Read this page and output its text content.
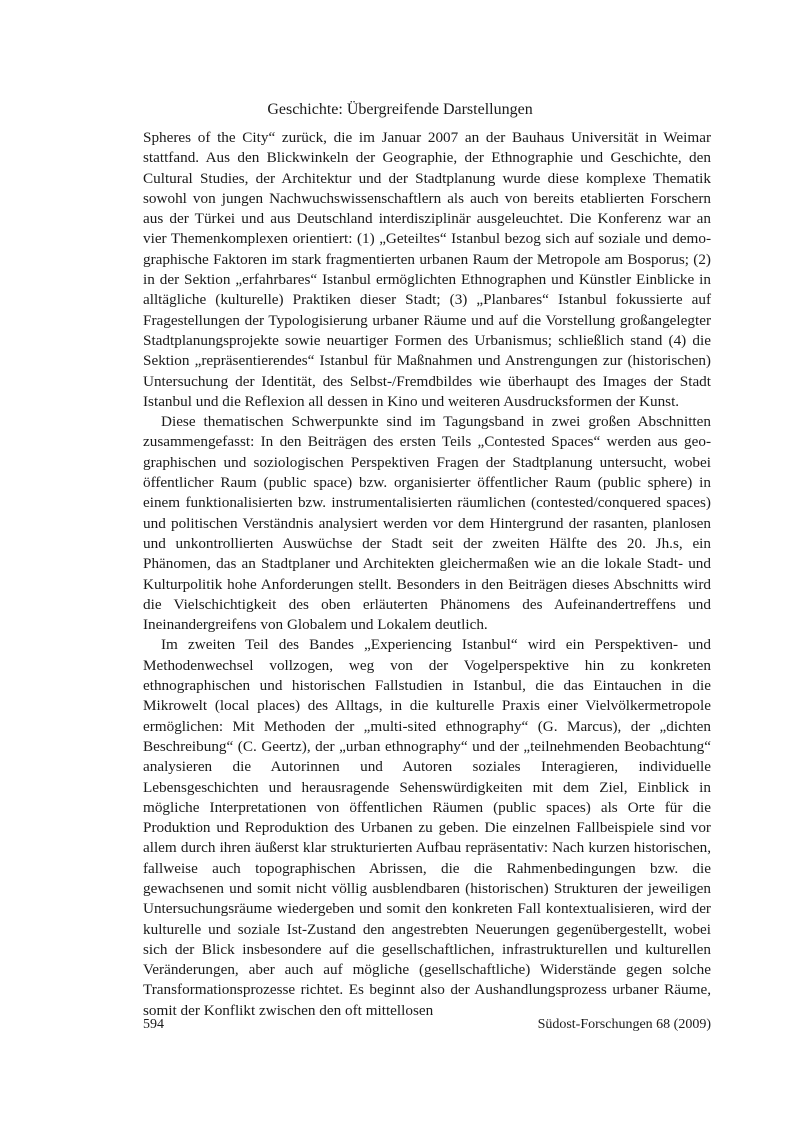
Geschichte: Übergreifende Darstellungen

Spheres of the City“ zurück, die im Januar 2007 an der Bauhaus Universität in Weimar stattfand. Aus den Blickwinkeln der Geographie, der Ethnographie und Geschichte, den Cultural Studies, der Architektur und der Stadtplanung wurde diese komplexe Thematik sowohl von jungen Nachwuchswissenschaftlern als auch von bereits etablierten Forschern aus der Türkei und aus Deutschland interdisziplinär ausgeleuchtet. Die Konferenz war an vier Themenkomplexen orientiert: (1) „Geteiltes“ Istanbul bezog sich auf soziale und demographische Faktoren im stark fragmentierten urbanen Raum der Metropole am Bosporus; (2) in der Sektion „erfahrbares“ Istanbul ermöglichten Ethnographen und Künstler Einblicke in alltägliche (kulturelle) Praktiken dieser Stadt; (3) „Planbares“ Istanbul fokussierte auf Fragestellungen der Typologisierung urbaner Räume und auf die Vorstellung großangelegter Stadtplanungsprojekte sowie neuartiger Formen des Urbanismus; schließlich stand (4) die Sektion „repräsentierendes“ Istanbul für Maßnahmen und Anstrengungen zur (historischen) Untersuchung der Identität, des Selbst-/Fremdbildes wie überhaupt des Images der Stadt Istanbul und die Reflexion all dessen in Kino und weiteren Ausdrucksformen der Kunst.

Diese thematischen Schwerpunkte sind im Tagungsband in zwei großen Abschnitten zusammengefasst: In den Beiträgen des ersten Teils „Contested Spaces“ werden aus geographischen und soziologischen Perspektiven Fragen der Stadtplanung untersucht, wobei öffentlicher Raum (public space) bzw. organisierter öffentlicher Raum (public sphere) in einem funktionalisierten bzw. instrumentalisierten räumlichen (contested/conquered spaces) und politischen Verständnis analysiert werden vor dem Hintergrund der rasanten, planlosen und unkontrollierten Auswüchse der Stadt seit der zweiten Hälfte des 20. Jh.s, ein Phänomen, das an Stadtplaner und Architekten gleichermaßen wie an die lokale Stadt- und Kulturpolitik hohe Anforderungen stellt. Besonders in den Beiträgen dieses Abschnitts wird die Vielschichtigkeit des oben erläuterten Phänomens des Aufeinandertreffens und Ineinandergreifens von Globalem und Lokalem deutlich.

Im zweiten Teil des Bandes „Experiencing Istanbul“ wird ein Perspektiven- und Methodenwechsel vollzogen, weg von der Vogelperspektive hin zu konkreten ethnographischen und historischen Fallstudien in Istanbul, die das Eintauchen in die Mikrowelt (local places) des Alltags, in die kulturelle Praxis einer Vielvölkermetropole ermöglichen: Mit Methoden der „multi-sited ethnography“ (G. Marcus), der „dichten Beschreibung“ (C. Geertz), der „urban ethnography“ und der „teilnehmenden Beobachtung“ analysieren die Autorinnen und Autoren soziales Interagieren, individuelle Lebensgeschichten und herausragende Sehenswürdigkeiten mit dem Ziel, Einblick in mögliche Interpretationen von öffentlichen Räumen (public spaces) als Orte für die Produktion und Reproduktion des Urbanen zu geben. Die einzelnen Fallbeispiele sind vor allem durch ihren äußerst klar strukturierten Aufbau repräsentativ: Nach kurzen historischen, fallweise auch topographischen Abrissen, die die Rahmenbedingungen bzw. die gewachsenen und somit nicht völlig ausblendbaren (historischen) Strukturen der jeweiligen Untersuchungsräume wiedergeben und somit den konkreten Fall kontextualisieren, wird der kulturelle und soziale Ist-Zustand den angestrebten Neuerungen gegenübergestellt, wobei sich der Blick insbesondere auf die gesellschaftlichen, infrastrukturellen und kulturellen Veränderungen, aber auch auf mögliche (gesellschaftliche) Widerstände gegen solche Transformationsprozesse richtet. Es beginnt also der Aushandlungsprozess urbaner Räume, somit der Konflikt zwischen den oft mittellosen

594	Südost-Forschungen 68 (2009)
